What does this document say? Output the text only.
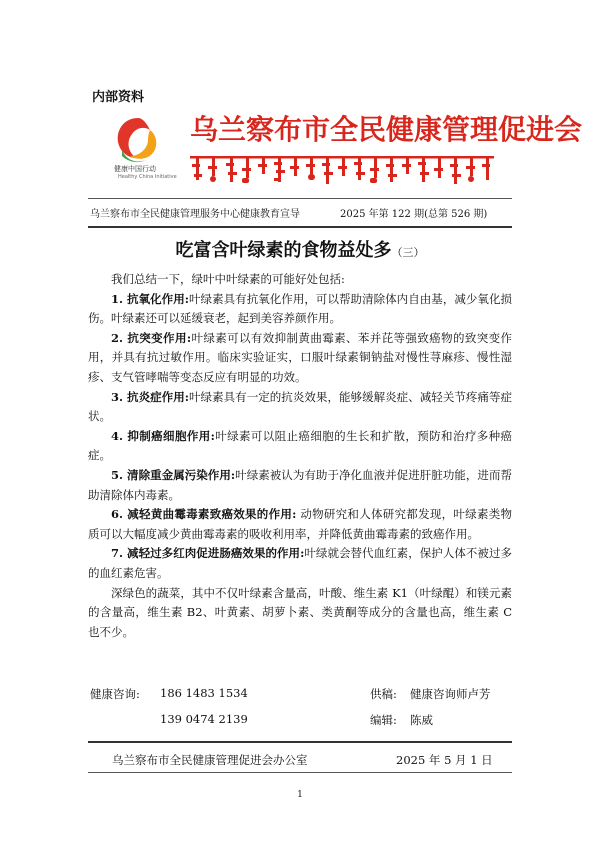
内部资料
健康中国行动
Healthy China Initiative
乌兰察布市全民健康管理促进会
乌兰察布市全民健康管理服务中心健康教育宣导	2025 年第 122 期(总第 526 期)
吃富含叶绿素的食物益处多（三）

我们总结一下，绿叶中叶绿素的可能好处包括:

1. 抗氧化作用:叶绿素具有抗氧化作用，可以帮助清除体内自由基，减少氧化损伤。叶绿素还可以延缓衰老，起到美容养颜作用。

2. 抗突变作用:叶绿素可以有效抑制黄曲霉素、苯并芘等强致癌物的致突变作用，并具有抗过敏作用。临床实验证实，口服叶绿素铜钠盐对慢性荨麻疹、慢性湿疹、支气管哮喘等变态反应有明显的功效。

3. 抗炎症作用:叶绿素具有一定的抗炎效果，能够缓解炎症、减轻关节疼痛等症状。

4. 抑制癌细胞作用:叶绿素可以阻止癌细胞的生长和扩散，预防和治疗多种癌症。

5. 清除重金属污染作用:叶绿素被认为有助于净化血液并促进肝脏功能，进而帮助清除体内毒素。

6. 减轻黄曲霉毒素致癌效果的作用: 动物研究和人体研究都发现，叶绿素类物质可以大幅度减少黄曲霉毒素的吸收利用率，并降低黄曲霉毒素的致癌作用。

7. 减轻过多红肉促进肠癌效果的作用:叶绿就会替代血红素，保护人体不被过多的血红素危害。

深绿色的蔬菜，其中不仅叶绿素含量高，叶酸、维生素 K1（叶绿醌）和镁元素的含量高，维生素 B2、叶黄素、胡萝卜素、类黄酮等成分的含量也高，维生素 C 也不少。

健康咨询: 186 1483 1534
139 0474 2139
供稿: 健康咨询师卢芳
编辑: 陈威
乌兰察布市全民健康管理促进会办公室	2025 年 5 月 1 日
1
